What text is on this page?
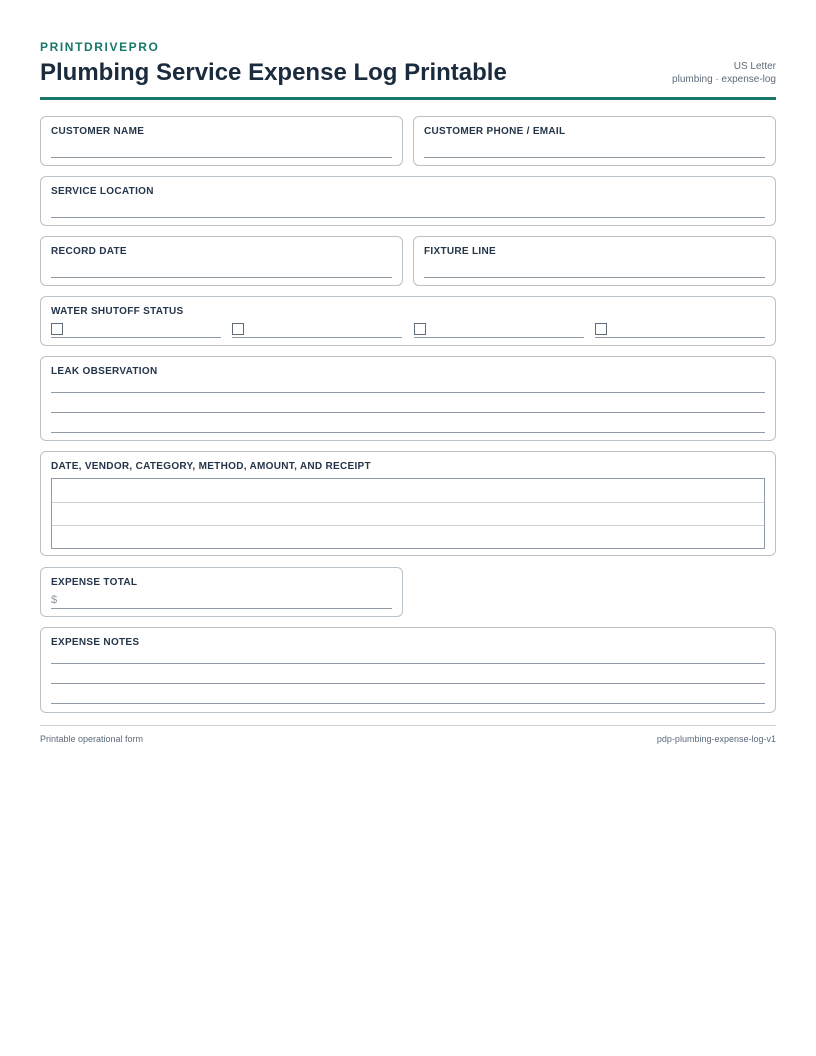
PRINTDRIVEPRO
Plumbing Service Expense Log Printable	US Letter
plumbing · expense-log
CUSTOMER NAME	CUSTOMER PHONE / EMAIL
SERVICE LOCATION
RECORD DATE	FIXTURE LINE
WATER SHUTOFF STATUS
LEAK OBSERVATION
DATE, VENDOR, CATEGORY, METHOD, AMOUNT, AND RECEIPT
EXPENSE TOTAL
$
EXPENSE NOTES
Printable operational form	pdp-plumbing-expense-log-v1
